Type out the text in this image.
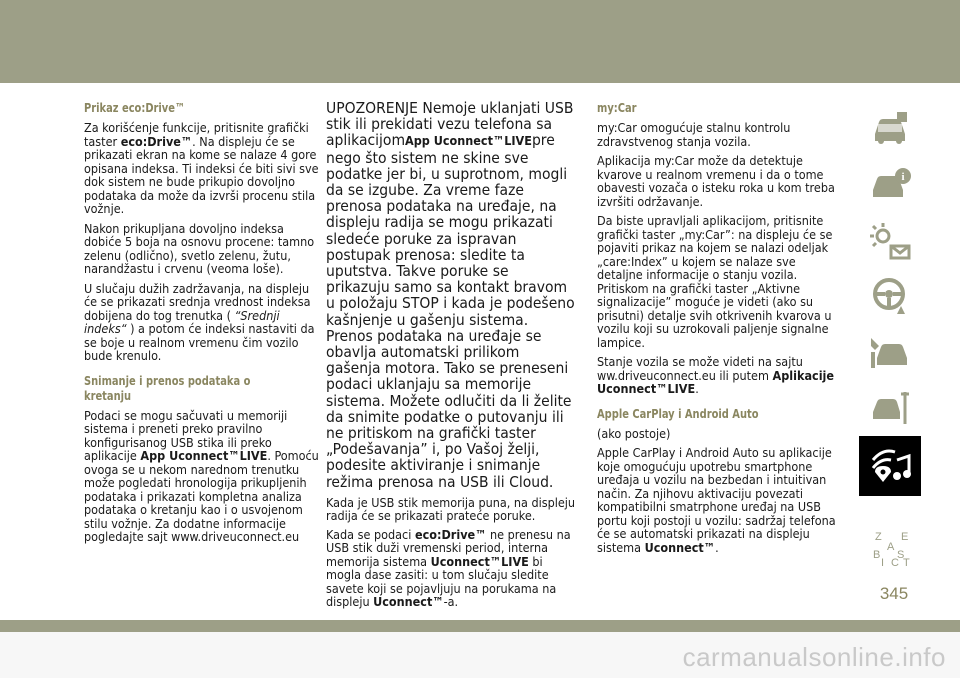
Prikaz eco:Drive™
Za korišćenje funkcije, pritisnite grafički taster eco:Drive™. Na displeju će se prikazati ekran na kome se nalaze 4 gore opisana indeksa. Ti indeksi će biti sivi sve dok sistem ne bude prikupio dovoljno podataka da može da izvrši procenu stila vožnje.
Nakon prikupljana dovoljno indeksa dobiće 5 boja na osnovu procene: tamno zelenu (odlično), svetlo zelenu, žutu, narandžastu i crvenu (veoma loše).
U slučaju dužih zadržavanja, na displeju će se prikazati srednja vrednost indeksa dobijena do tog trenutka ( “Srednji indeks“ ) a potom će indeksi nastaviti da se boje u realnom vremenu čim vozilo bude krenulo.
Snimanje i prenos podataka o kretanju
Podaci se mogu sačuvati u memoriji sistema i preneti preko pravilno konfigurisanog USB stika ili preko aplikacije App Uconnect™LIVE. Pomoću ovoga se u nekom narednom trenutku može pogledati hronologija prikupljenih podataka i prikazati kompletna analiza podataka o kretanju kao i o usvojenom stilu vožnje. Za dodatne informacije pogledajte sajt www.driveuconnect.eu
UPOZORENJE Nemoje uklanjati USB stik ili prekidati vezu telefona sa aplikacijomApp Uconnect™LIVEpre nego što sistem ne skine sve podatke jer bi, u suprotnom, mogli da se izgube. Za vreme faze prenosa podataka na uređaje, na displeju radija se mogu prikazati sledeće poruke za ispravan postupak prenosa: sledite ta uputstva. Takve poruke se prikazuju samo sa kontakt bravom u položaju STOP i kada je podešeno kašnjenje u gašenju sistema. Prenos podataka na uređaje se obavlja automatski prilikom gašenja motora. Tako se preneseni podaci uklanjaju sa memorije sistema. Možete odlučiti da li želite da snimite podatke o putovanju ili ne pritiskom na grafički taster „Podešavanja” i, po Vašoj želji, podesite aktiviranje i snimanje režima prenosa na USB ili Cloud.
Kada je USB stik memorija puna, na displeju radija će se prikazati prateće poruke.
Kada se podaci eco:Drive™ ne prenesu na USB stik duži vremenski period, interna memorija sistema Uconnect™LIVE bi mogla dase zasiti: u tom slučaju sledite savete koji se pojavljuju na porukama na displeju Uconnect™-a.
my:Car
my:Car omogućuje stalnu kontrolu zdravstvenog stanja vozila.
Aplikacija my:Car može da detektuje kvarove u realnom vremenu i da o tome obavesti vozača o isteku roka u kom treba izvršiti održavanje.
Da biste upravljali aplikacijom, pritisnite grafički taster „my:Car”: na displeju će se pojaviti prikaz na kojem se nalazi odeljak „care:Index” u kojem se nalaze sve detaljne informacije o stanju vozila. Pritiskom na grafički taster „Aktivne signalizacije” moguće je videti (ako su prisutni) detalje svih otkrivenih kvarova u vozilu koji su uzrokovali paljenje signalne lampice.
Stanje vozila se može videti na sajtu ww.driveuconnect.eu ili putem Aplikacije Uconnect™LIVE.
Apple CarPlay i Android Auto
(ako postoje)
Apple CarPlay i Android Auto su aplikacije koje omogućuju upotrebu smartphone uređaja u vozilu na bezbedan i intuitivan način. Za njihovu aktivaciju povezati kompatibilni smatrphone uređaj na USB portu koji postoji u vozilu: sadržaj telefona će se automatski prikazati na displeju sistema Uconnect™.
i
Z E
A
B S
I C T
345
carmanualsonline.info
